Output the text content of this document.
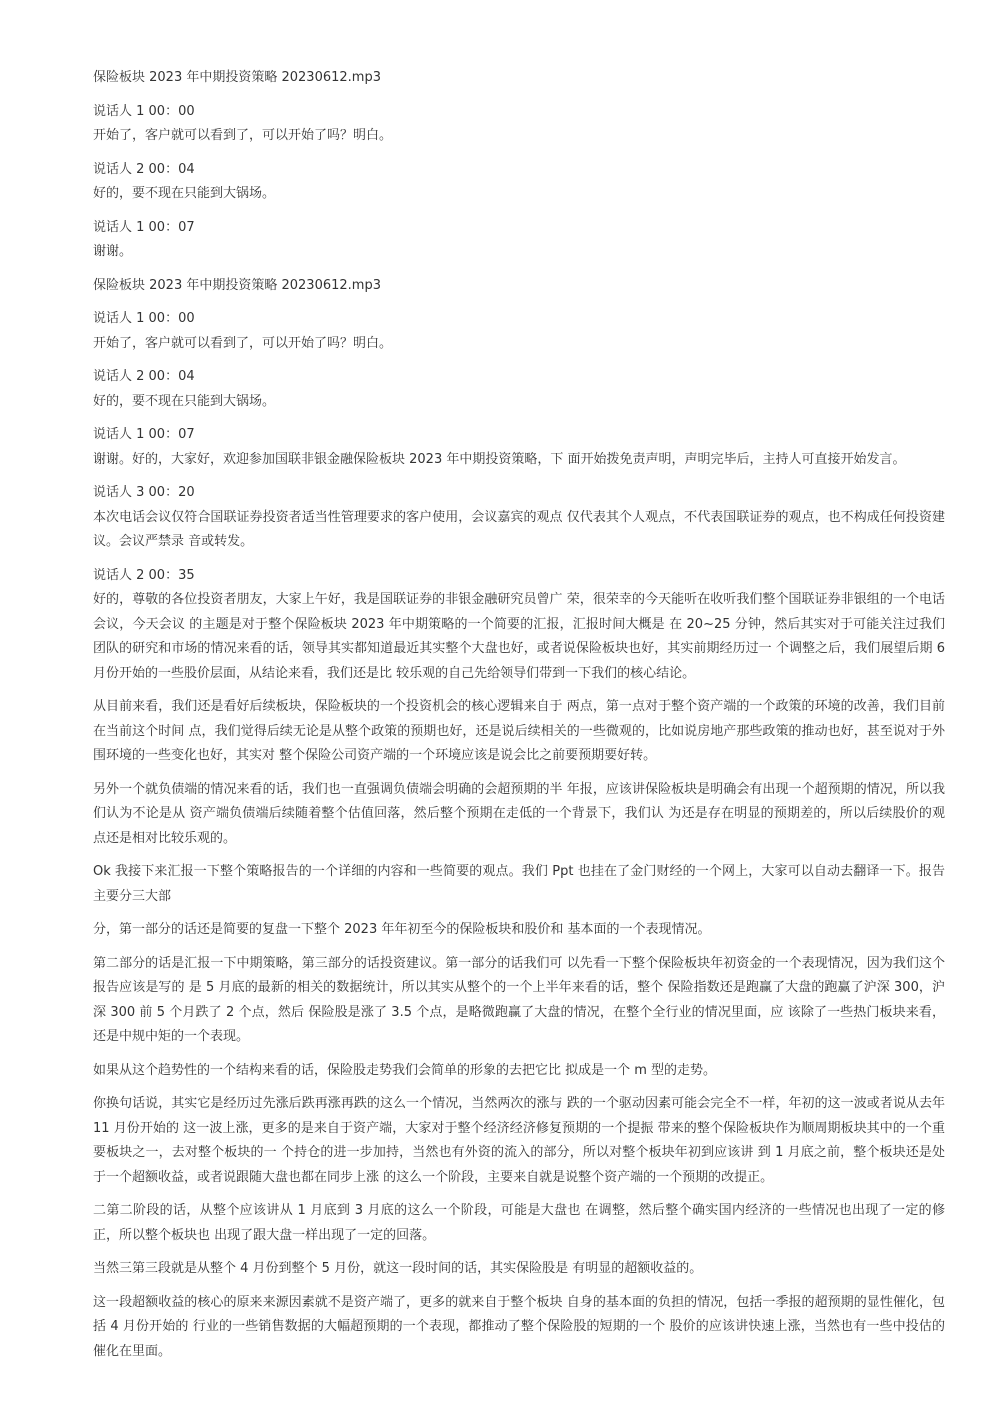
保险板块 2023 年中期投资策略 20230612.mp3

说话人 1 00：00

开始了，客户就可以看到了，可以开始了吗？明白。

说话人 2 00：04

好的，要不现在只能到大锅场。

说话人 1 00：07

谢谢。

保险板块 2023 年中期投资策略 20230612.mp3

说话人 1 00：00

开始了，客户就可以看到了，可以开始了吗？明白。

说话人 2 00：04

好的，要不现在只能到大锅场。

说话人 1 00：07

谢谢。好的，大家好，欢迎参加国联非银金融保险板块 2023 年中期投资策略，下 面开始拨免责声明，声明完毕后，主持人可直接开始发言。

说话人 3 00：20

本次电话会议仅符合国联证券投资者适当性管理要求的客户使用，会议嘉宾的观点 仅代表其个人观点，不代表国联证券的观点，也不构成任何投资建议。会议严禁录 音或转发。

说话人 2 00：35

好的，尊敬的各位投资者朋友，大家上午好，我是国联证券的非银金融研究员曾广 荣，很荣幸的今天能听在收听我们整个国联证券非银组的一个电话会议，今天会议 的主题是对于整个保险板块 2023 年中期策略的一个简要的汇报，汇报时间大概是 在 20~25 分钟，然后其实对于可能关注过我们团队的研究和市场的情况来看的话，领导其实都知道最近其实整个大盘也好，或者说保险板块也好，其实前期经历过一 个调整之后，我们展望后期 6 月份开始的一些股价层面，从结论来看，我们还是比 较乐观的自己先给领导们带到一下我们的核心结论。

从目前来看，我们还是看好后续板块，保险板块的一个投资机会的核心逻辑来自于 两点，第一点对于整个资产端的一个政策的环境的改善，我们目前在当前这个时间 点，我们觉得后续无论是从整个政策的预期也好，还是说后续相关的一些微观的，比如说房地产那些政策的推动也好，甚至说对于外围环境的一些变化也好，其实对 整个保险公司资产端的一个环境应该是说会比之前要预期要好转。

另外一个就负债端的情况来看的话，我们也一直强调负债端会明确的会超预期的半 年报，应该讲保险板块是明确会有出现一个超预期的情况，所以我们认为不论是从 资产端负债端后续随着整个估值回落，然后整个预期在走低的一个背景下，我们认 为还是存在明显的预期差的，所以后续股价的观点还是相对比较乐观的。

Ok 我接下来汇报一下整个策略报告的一个详细的内容和一些简要的观点。我们 Ppt 也挂在了金门财经的一个网上，大家可以自动去翻译一下。报告主要分三大部

分，第一部分的话还是简要的复盘一下整个 2023 年年初至今的保险板块和股价和 基本面的一个表现情况。

第二部分的话是汇报一下中期策略，第三部分的话投资建议。第一部分的话我们可 以先看一下整个保险板块年初资金的一个表现情况，因为我们这个报告应该是写的 是 5 月底的最新的相关的数据统计，所以其实从整个的一个上半年来看的话，整个 保险指数还是跑赢了大盘的跑赢了沪深 300，沪深 300 前 5 个月跌了 2 个点，然后 保险股是涨了 3.5 个点，是略微跑赢了大盘的情况，在整个全行业的情况里面，应 该除了一些热门板块来看，还是中规中矩的一个表现。

如果从这个趋势性的一个结构来看的话，保险股走势我们会简单的形象的去把它比 拟成是一个 m 型的走势。

你换句话说，其实它是经历过先涨后跌再涨再跌的这么一个情况，当然两次的涨与 跌的一个驱动因素可能会完全不一样，年初的这一波或者说从去年 11 月份开始的 这一波上涨，更多的是来自于资产端，大家对于整个经济经济修复预期的一个提振 带来的整个保险板块作为顺周期板块其中的一个重要板块之一，去对整个板块的一 个持仓的进一步加持，当然也有外资的流入的部分，所以对整个板块年初到应该讲 到 1 月底之前，整个板块还是处于一个超额收益，或者说跟随大盘也都在同步上涨 的这么一个阶段，主要来自就是说整个资产端的一个预期的改提正。

二第二阶段的话，从整个应该讲从 1 月底到 3 月底的这么一个阶段，可能是大盘也 在调整，然后整个确实国内经济的一些情况也出现了一定的修正，所以整个板块也 出现了跟大盘一样出现了一定的回落。

当然三第三段就是从整个 4 月份到整个 5 月份，就这一段时间的话，其实保险股是 有明显的超额收益的。

这一段超额收益的核心的原来来源因素就不是资产端了，更多的就来自于整个板块 自身的基本面的负担的情况，包括一季报的超预期的显性催化，包括 4 月份开始的 行业的一些销售数据的大幅超预期的一个表现，都推动了整个保险股的短期的一个 股价的应该讲快速上涨，当然也有一些中投估的催化在里面。
